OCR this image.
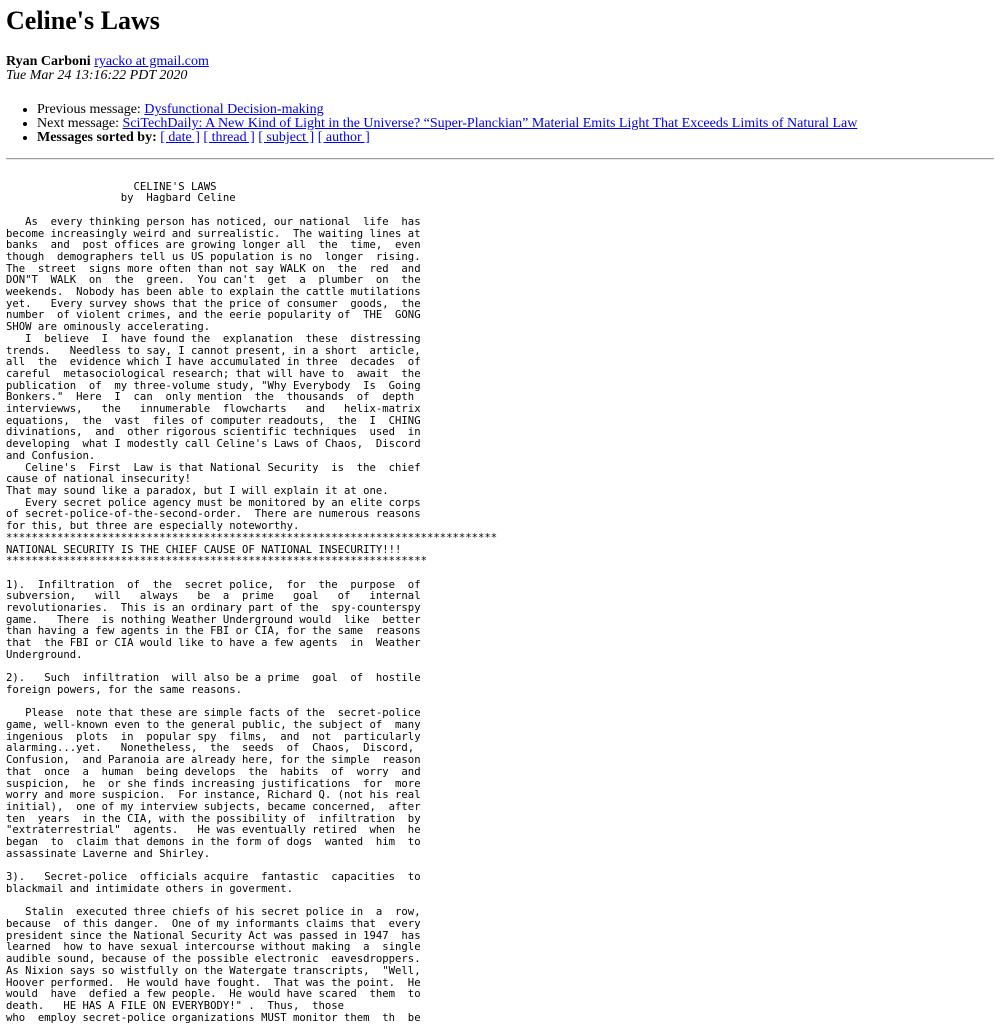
Celine's Laws
Ryan Carboni ryacko at gmail.com
Tue Mar 24 13:16:22 PDT 2020
• Previous message: Dysfunctional Decision-making
• Next message: SciTechDaily: A New Kind of Light in the Universe? “Super-Planckian” Material Emits Light That Exceeds Limits of Natural Law
• Messages sorted by: [ date ] [ thread ] [ subject ] [ author ]

CELINE'S LAWS
by  Hagbard Celine

As  every thinking person has noticed, our national  life  has
become increasingly weird and surrealistic.  The waiting lines at
banks  and  post offices are growing longer all  the  time,  even
though  demographers tell us US population is no  longer  rising.
The  street  signs more often than not say WALK on  the  red  and
DON"T  WALK  on  the  green.  You can't  get  a  plumber  on  the
weekends.  Nobody has been able to explain the cattle mutilations
yet.   Every survey shows that the price of consumer  goods,  the
number  of violent crimes, and the eerie popularity of  THE  GONG
SHOW are ominously accelerating.
I  believe  I  have found the  explanation  these  distressing
trends.   Needless to say, I cannot present, in a short  article,
all  the  evidence which I have accumulated in three  decades  of
careful  metasociological research; that will have to  await  the
publication  of  my three-volume study, "Why Everybody  Is  Going
Bonkers."  Here  I  can  only mention  the  thousands  of  depth
interviewws,   the   innumerable  flowcharts   and   helix-matrix
equations,  the  vast  files of computer readouts,  the  I  CHING
divinations,  and  other rigorous scientific techniques  used  in
developing  what I modestly call Celine's Laws of Chaos,  Discord
and Confusion.
Celine's  First  Law is that National Security  is  the  chief
cause of national insecurity!
That may sound like a paradox, but I will explain it at one.
Every secret police agency must be monitored by an elite corps
of secret-police-of-the-second-order.  There are numerous reasons
for this, but three are especially noteworthy.
*****************************************************************************
NATIONAL SECURITY IS THE CHIEF CAUSE OF NATIONAL INSECURITY!!!
******************************************************************

1).  Infiltration  of  the  secret police,  for  the  purpose  of
subversion,   will   always   be  a  prime   goal   of   internal
revolutionaries.  This is an ordinary part of the  spy-counterspy
game.   There  is nothing Weather Underground would  like  better
than having a few agents in the FBI or CIA, for the same  reasons
that  the FBI or CIA would like to have a few agents  in  Weather
Underground.

2).   Such  infiltration  will also be a prime  goal  of  hostile
foreign powers, for the same reasons.

Please  note that these are simple facts of the  secret-police
game, well-known even to the general public, the subject of  many
ingenious  plots  in  popular spy  films,  and  not  particularly
alarming...yet.   Nonetheless,  the  seeds  of  Chaos,  Discord,
Confusion,  and Paranoia are already here, for the simple  reason
that  once  a  human  being develops  the  habits  of  worry  and
suspicion,  he  or she finds increasing justifications  for  more
worry and more suspicion.  For instance, Richard Q. (not his real
initial),  one of my interview subjects, became concerned,  after
ten  years  in the CIA, with the possibility of  infiltration  by
"extraterrestrial"  agents.   He was eventually retired  when  he
began  to  claim that demons in the form of dogs  wanted  him  to
assassinate Laverne and Shirley.

3).   Secret-police  officials acquire  fantastic  capacities  to
blackmail and intimidate others in goverment.

Stalin  executed three chiefs of his secret police in  a  row,
because  of this danger.  One of my informants claims that  every
president since the National Security Act was passed in 1947  has
learned  how to have sexual intercourse without making  a  single
audible sound, because of the possible electronic  eavesdroppers.
As Nixion says so wistfully on the Watergate transcripts,  "Well,
Hoover performed.  He would have fought.  That was the point.  He
would  have  defied a few people.  He would have scared  them  to
death.   HE HAS A FILE ON EVERYBODY!" .  Thus,  those
who  employ secret-police organizations MUST monitor them  th  be
